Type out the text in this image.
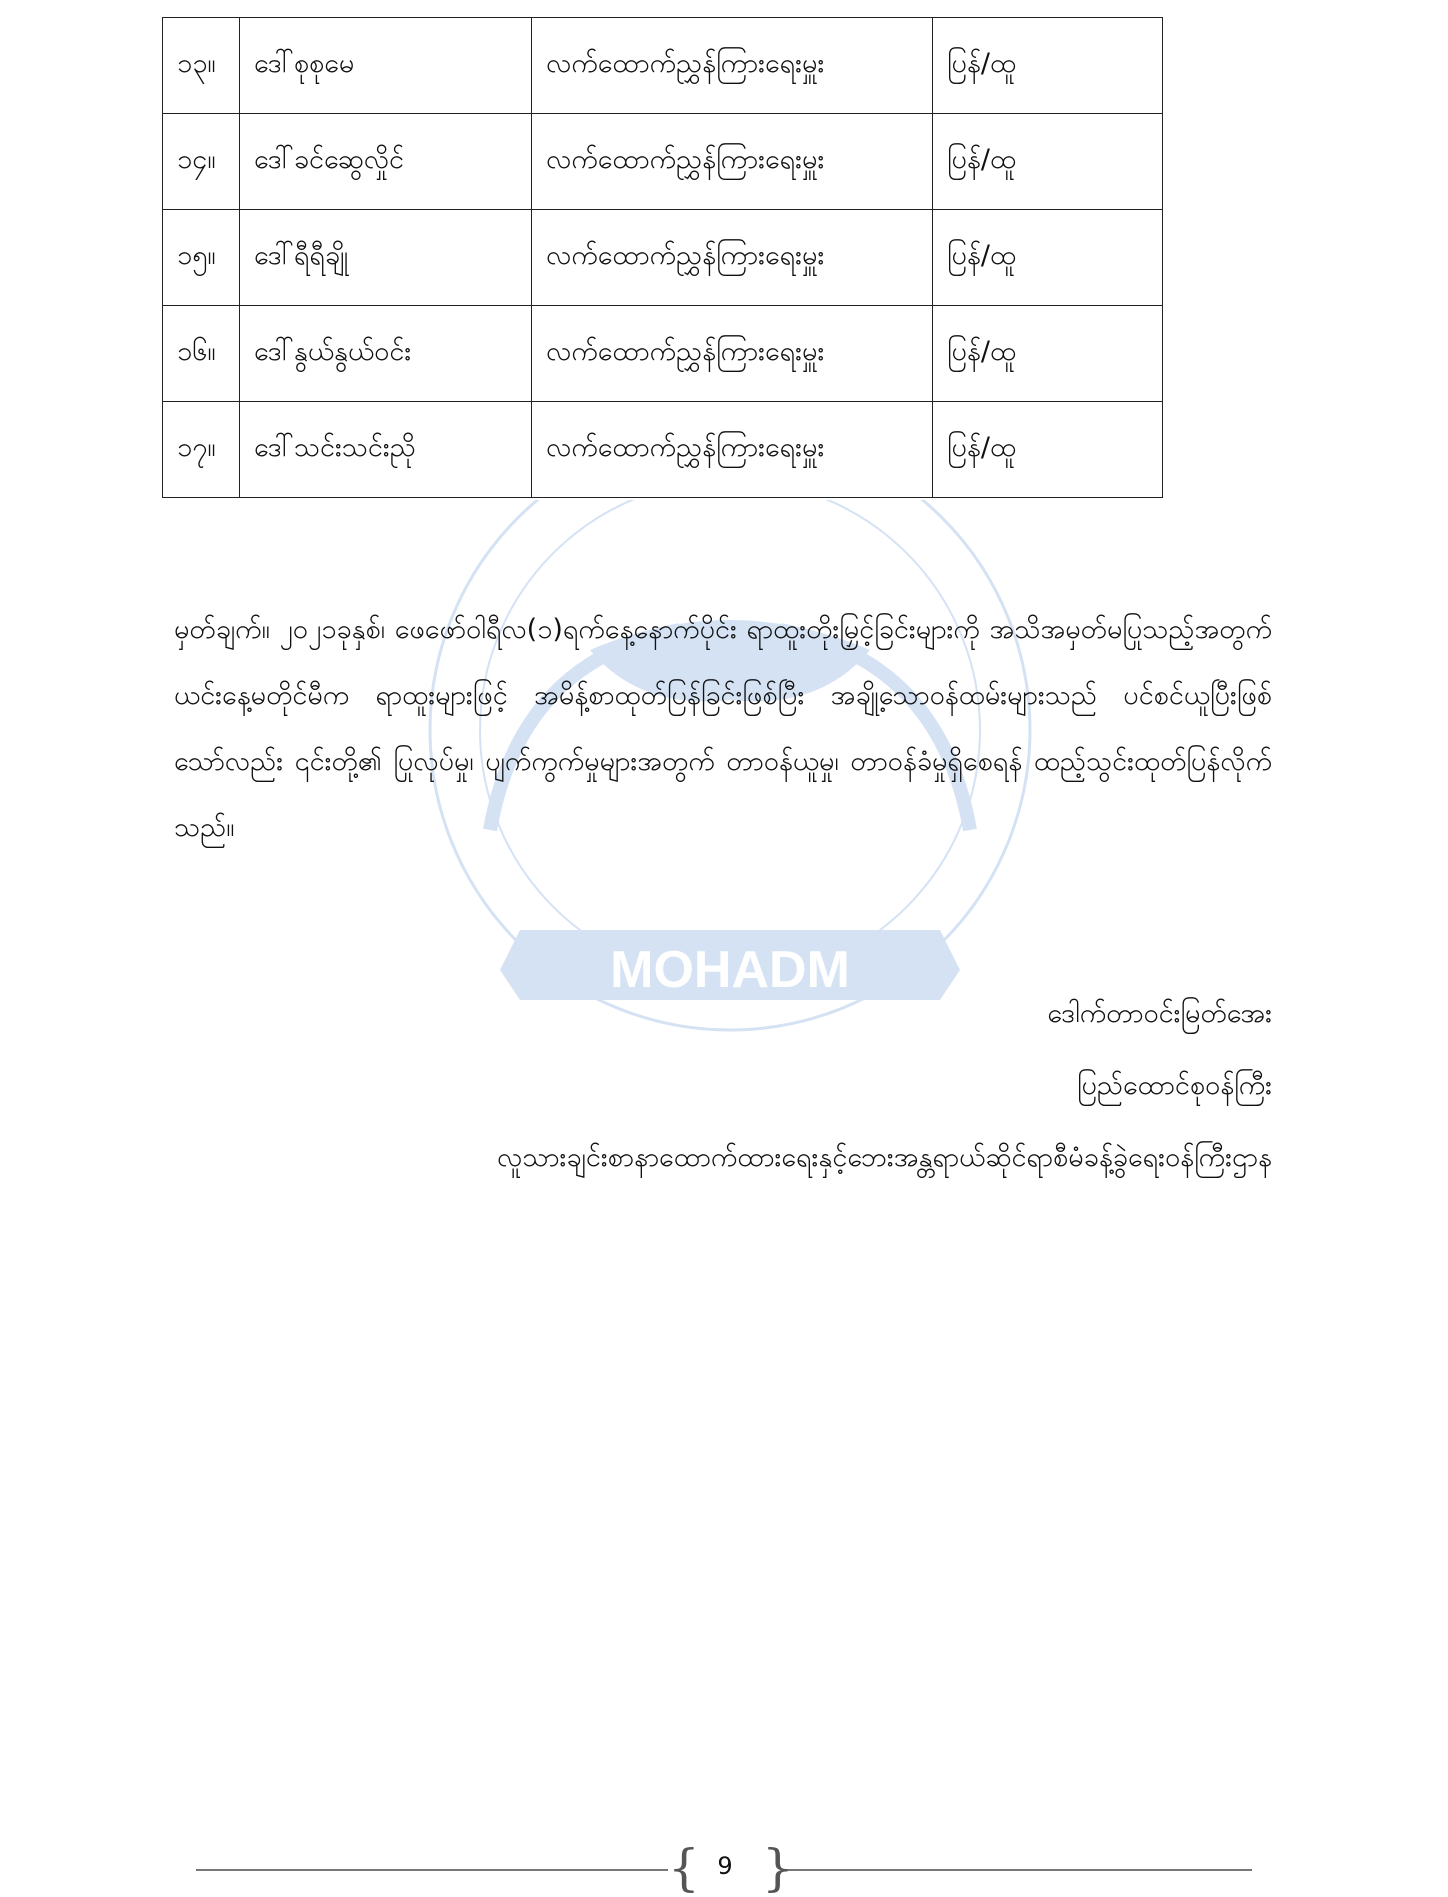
MOHADM
၁၃။	ဒေါ်စုစုမေ	လက်ထောက်ညွှန်ကြားရေးမှူး	ပြန်/ထူ
၁၄။	ဒေါ်ခင်ဆွေလှိုင်	လက်ထောက်ညွှန်ကြားရေးမှူး	ပြန်/ထူ
၁၅။	ဒေါ်ရီရီချို	လက်ထောက်ညွှန်ကြားရေးမှူး	ပြန်/ထူ
၁၆။	ဒေါ်နွယ်နွယ်ဝင်း	လက်ထောက်ညွှန်ကြားရေးမှူး	ပြန်/ထူ
၁၇။	ဒေါ်သင်းသင်းညို	လက်ထောက်ညွှန်ကြားရေးမှူး	ပြန်/ထူ

မှတ်ချက်။ ၂၀၂၁ခုနှစ်၊ ဖေဖော်ဝါရီလ(၁)ရက်နေ့နောက်ပိုင်း ရာထူးတိုးမြှင့်ခြင်းများကို အသိအမှတ်မပြုသည့်အတွက် ယင်းနေ့မတိုင်မီက ရာထူးများဖြင့် အမိန့်စာထုတ်ပြန်ခြင်းဖြစ်ပြီး အချို့သောဝန်ထမ်းများသည် ပင်စင်ယူပြီးဖြစ်သော်လည်း ၎င်းတို့၏ ပြုလုပ်မှု၊ ပျက်ကွက်မှုများအတွက် တာဝန်ယူမှု၊ တာဝန်ခံမှုရှိစေရန် ထည့်သွင်းထုတ်ပြန်လိုက်သည်။

ဒေါက်တာဝင်းမြတ်အေး
ပြည်ထောင်စုဝန်ကြီး
လူသားချင်းစာနာထောက်ထားရေးနှင့်ဘေးအန္တရာယ်ဆိုင်ရာစီမံခန့်ခွဲရေးဝန်ကြီးဌာန
{ }
9
